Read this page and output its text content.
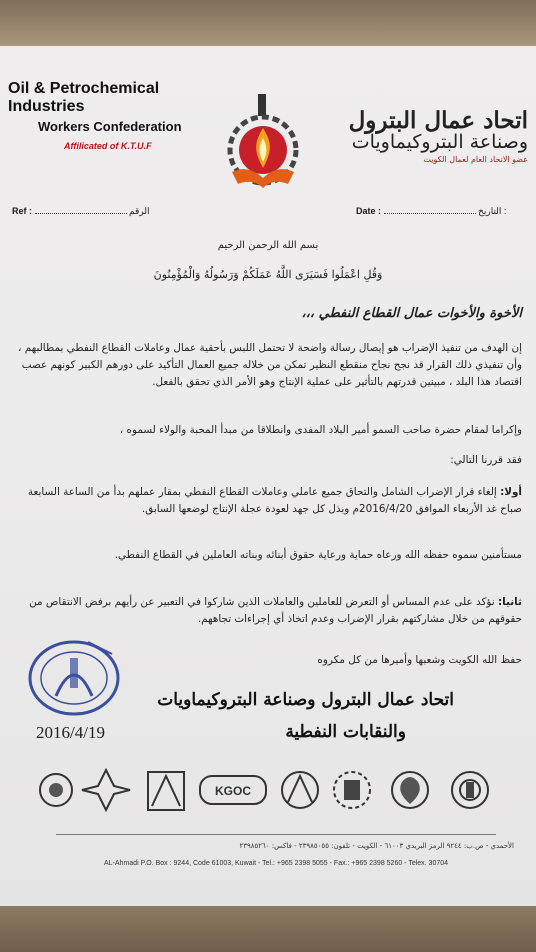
Oil & Petrochemical Industries
Workers Confederation
Affilicated of K.T.U.F
اتحاد عمال البترول
وصناعة البتروكيماويات
عضو الاتحاد العام لعمال الكويت
Ref :	الرقم	Date :	التاريخ :
بسم الله الرحمن الرحيم
وَقُلِ اعْمَلُوا فَسَيَرَى اللَّهُ عَمَلَكُمْ وَرَسُولُهُ وَالْمُؤْمِنُونَ
الأخوة والأخوات عمال القطاع النفطي ،،،
إن الهدف من تنفيذ الإضراب هو إيصال رسالة واضحة لا تحتمل اللبس بأحقية عمال وعاملات القطاع النفطي بمطالبهم ، وأن تنفيذي ذلك القرار قد نجح نجاح منقطع النظير تمكن من خلاله جميع العمال التأكيد على دورهم الكبير كونهم عصب اقتصاد هذا البلد ، مبينين قدرتهم بالتأثير على عملية الإنتاج وهو الأمر الذي تحقق بالفعل.
وإكراما لمقام حضرة صاحب السمو أمير البلاد المفدى وانطلاقا من مبدأ المحبة والولاء لسموه ،
فقد قررنا التالي:
أولا: إلغاء قرار الإضراب الشامل والتحاق جميع عاملي وعاملات القطاع النفطي بمقار عملهم بدأ من الساعة السابعة صباح غد الأربعاء الموافق 2016/4/20م وبذل كل جهد لعودة عجلة الإنتاج لوضعها السابق.
مستأمنين سموه حفظه الله ورعاه حماية ورعاية حقوق أبنائه وبناته العاملين في القطاع النفطي.
ثانيا: نؤكد على عدم المساس أو التعرض للعاملين والعاملات الذين شاركوا في التعبير عن رأيهم برفض الانتقاص من حقوقهم من خلال مشاركتهم بقرار الإضراب وعدم اتخاذ أي إجراءات تجاههم.
حفظ الله الكويت وشعبها وأميرها من كل مكروه
اتحاد عمال البترول وصناعة البتروكيماويات
والنقابات النفطية
2016/4/19
KGOC
الأحمدي - ص.ب: ٩٢٤٤ الرمز البريدي ٦١٠٠٣ - الكويت - تلفون: ٢٣٩٨٥٠٥٥ - فاكس: ٢٣٩٨٥٢٦٠
AL-Ahmadi P.O. Box : 9244, Code 61003, Kuwait - Tel.: +965 2398 5055 - Fax.: +965 2398 5260 - Telex. 30704
